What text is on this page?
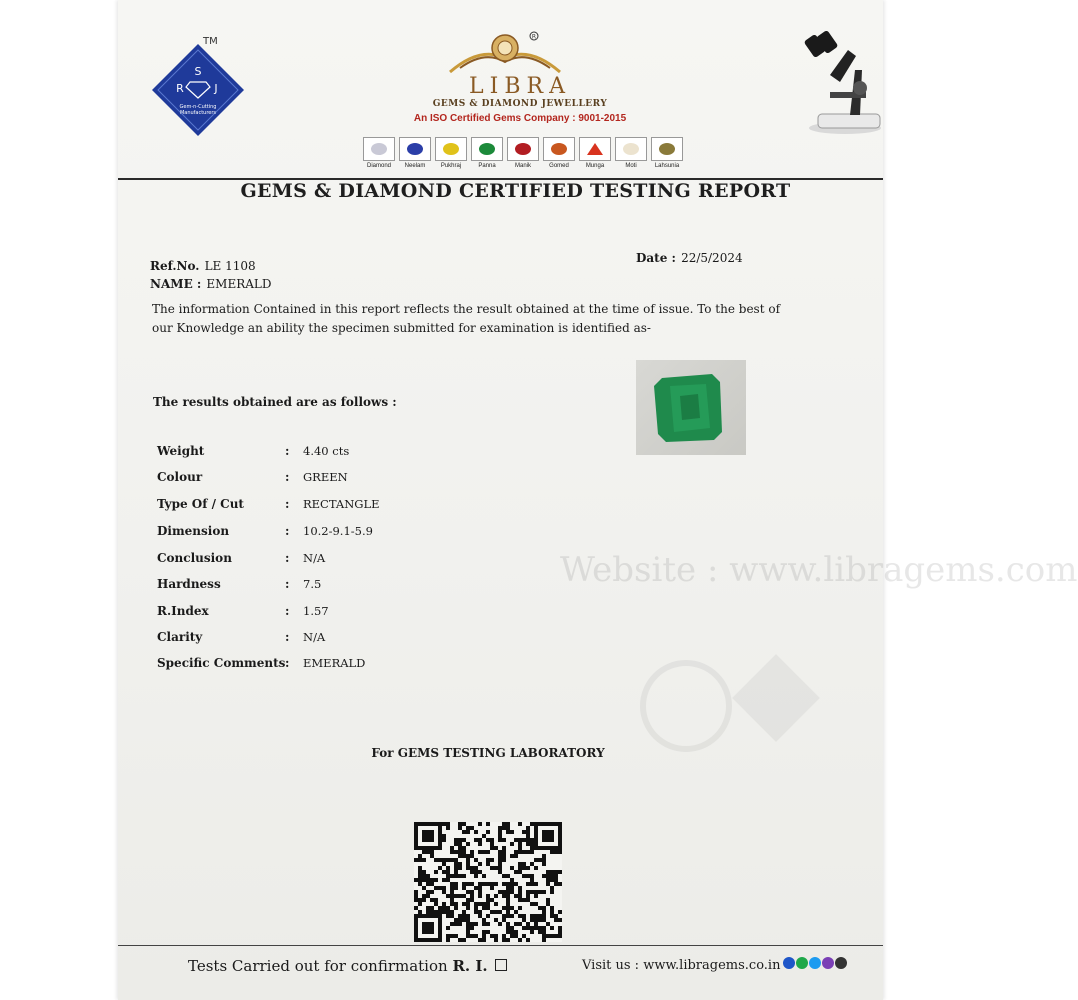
S
R	J
Gem-n-Cutting
Manufacturers
TM	R
LIBRA
GEMS & DIAMOND JEWELLERY
An ISO Certified Gems Company : 9001-2015
Diamond Neelam	Pukhraj	Panna	Manik	Gomed	Munga	Moti	Lahsunia
GEMS & DIAMOND CERTIFIED TESTING REPORT
Ref.No. LE 1108
NAME : EMERALD
Date : 22/5/2024
The information Contained in this report reflects the result obtained at the time of issue. To the best of our Knowledge an ability the specimen submitted for examination is identified as-
The results obtained are as follows :
Weight	: 4.40 cts
Colour	: GREEN
Type Of / Cut	: RECTANGLE
Dimension	: 10.2-9.1-5.9
Conclusion	: N/A
Hardness	: 7.5
R.Index	: 1.57
Clarity	: N/A
Specific Comments : EMERALD
Website : www.libragems.com
For GEMS TESTING LABORATORY
Tests Carried out for confirmation R. I.	Visit us : www.libragems.co.in
